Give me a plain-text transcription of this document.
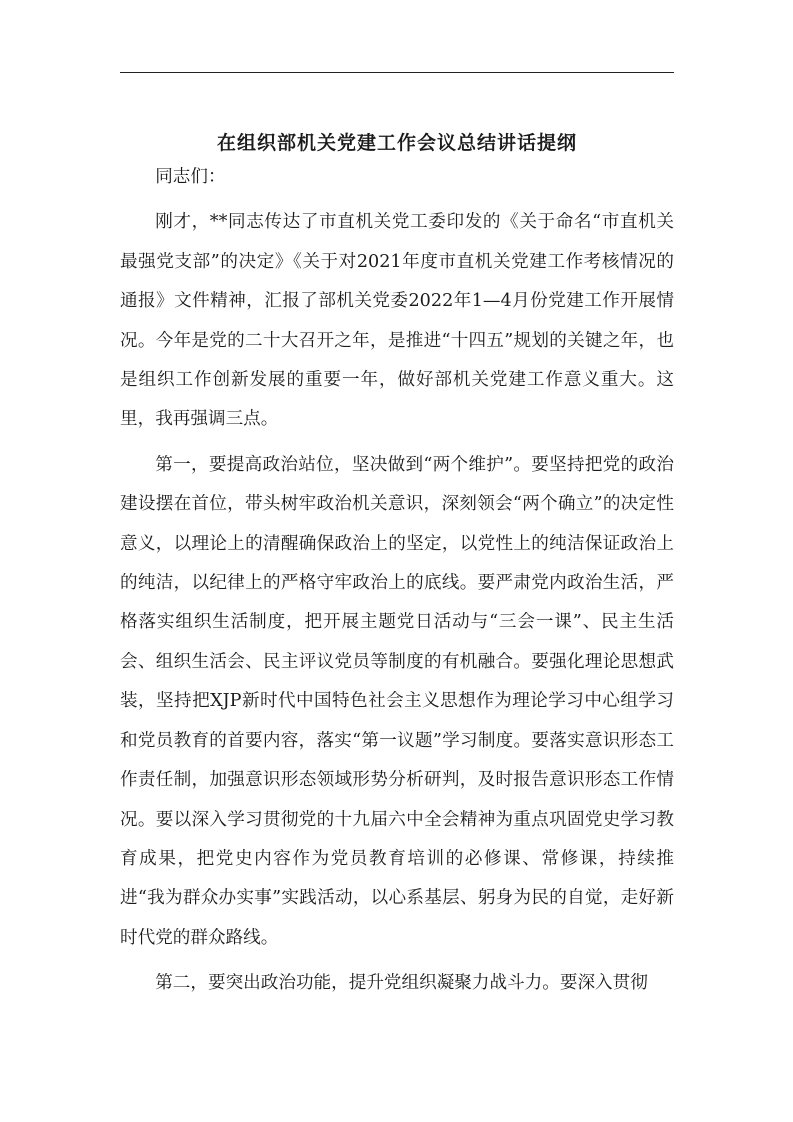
在组织部机关党建工作会议总结讲话提纲

同志们：

刚才，**同志传达了市直机关党工委印发的《关于命名“市直机关最强党支部”的决定》《关于对2021年度市直机关党建工作考核情况的通报》文件精神，汇报了部机关党委2022年1—4月份党建工作开展情况。今年是党的二十大召开之年，是推进“十四五”规划的关键之年，也是组织工作创新发展的重要一年，做好部机关党建工作意义重大。这里，我再强调三点。

第一，要提高政治站位，坚决做到“两个维护”。要坚持把党的政治建设摆在首位，带头树牢政治机关意识，深刻领会“两个确立”的决定性意义，以理论上的清醒确保政治上的坚定，以党性上的纯洁保证政治上的纯洁，以纪律上的严格守牢政治上的底线。要严肃党内政治生活，严格落实组织生活制度，把开展主题党日活动与“三会一课”、民主生活会、组织生活会、民主评议党员等制度的有机融合。要强化理论思想武装，坚持把XJP新时代中国特色社会主义思想作为理论学习中心组学习和党员教育的首要内容，落实“第一议题”学习制度。要落实意识形态工作责任制，加强意识形态领域形势分析研判，及时报告意识形态工作情况。要以深入学习贯彻党的十九届六中全会精神为重点巩固党史学习教育成果，把党史内容作为党员教育培训的必修课、常修课，持续推进“我为群众办实事”实践活动，以心系基层、躬身为民的自觉，走好新时代党的群众路线。

第二，要突出政治功能，提升党组织凝聚力战斗力。要深入贯彻
